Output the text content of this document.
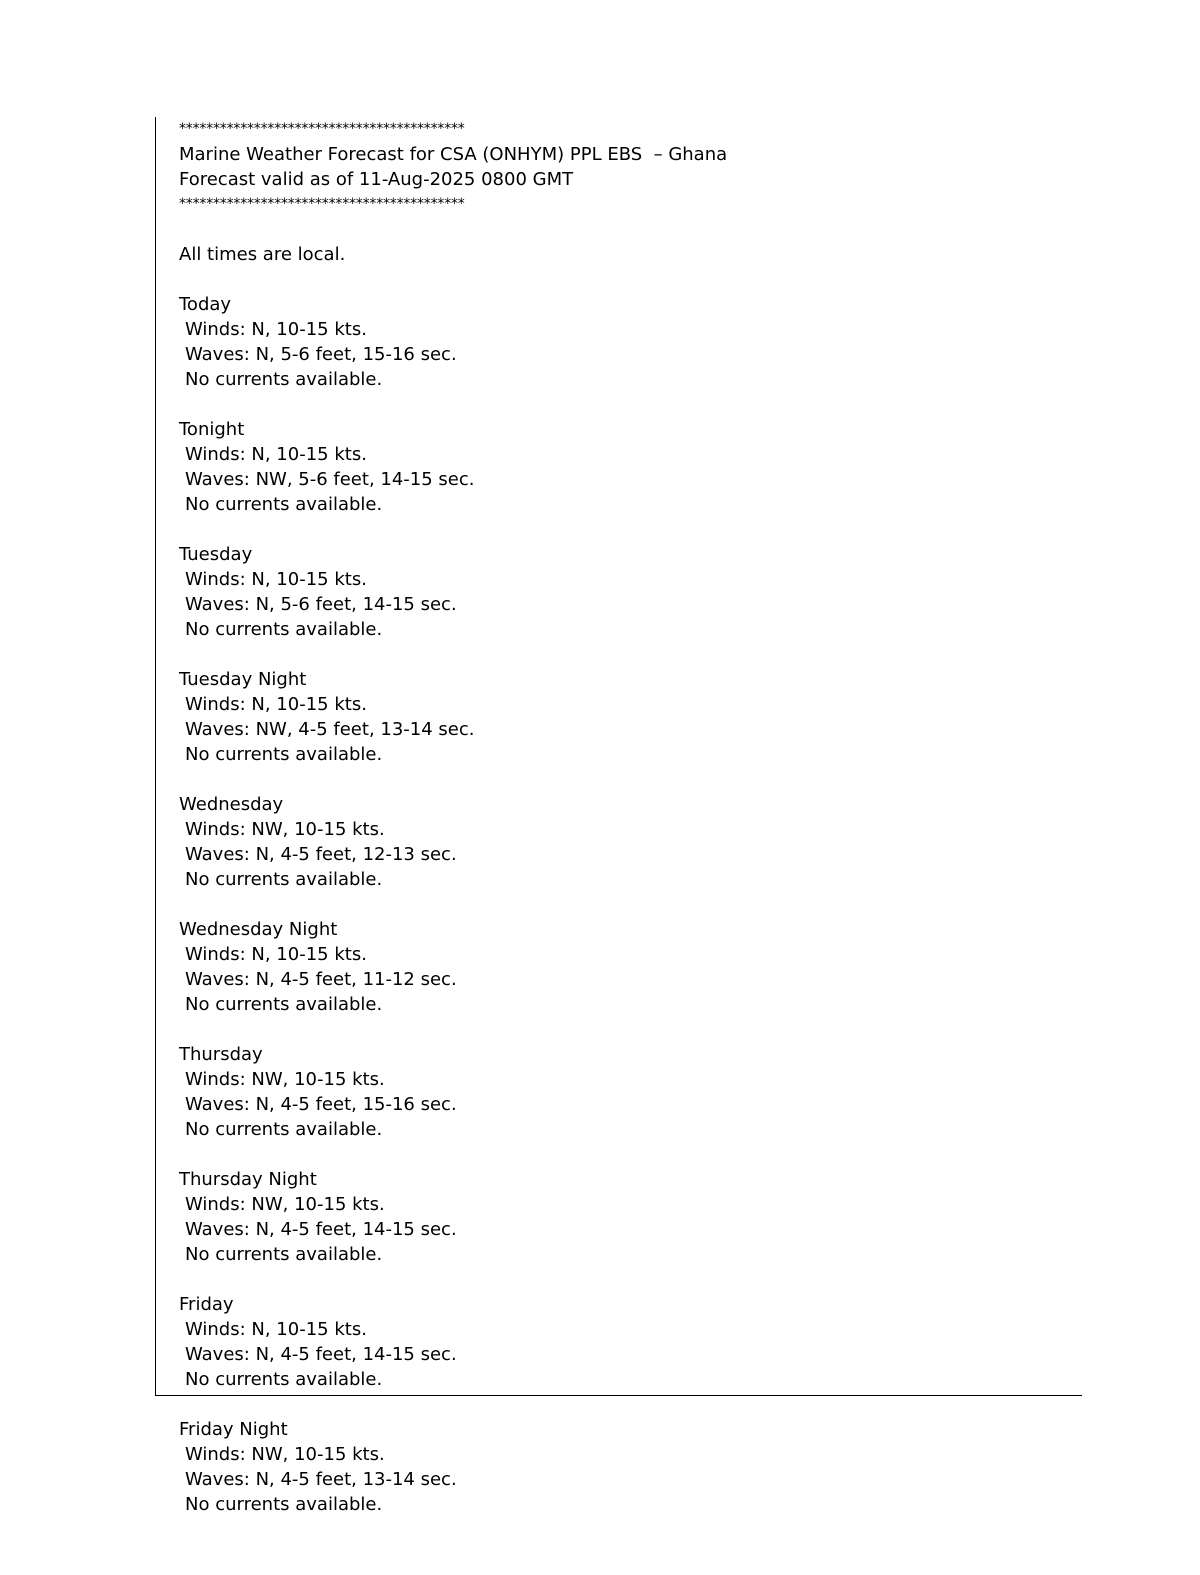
******************************************
Marine Weather Forecast for CSA (ONHYM) PPL EBS  – Ghana
Forecast valid as of 11-Aug-2025 0800 GMT
******************************************
All times are local.
Today
Winds: N, 10-15 kts.
Waves: N, 5-6 feet, 15-16 sec.
No currents available.
Tonight
Winds: N, 10-15 kts.
Waves: NW, 5-6 feet, 14-15 sec.
No currents available.
Tuesday
Winds: N, 10-15 kts.
Waves: N, 5-6 feet, 14-15 sec.
No currents available.
Tuesday Night
Winds: N, 10-15 kts.
Waves: NW, 4-5 feet, 13-14 sec.
No currents available.
Wednesday
Winds: NW, 10-15 kts.
Waves: N, 4-5 feet, 12-13 sec.
No currents available.
Wednesday Night
Winds: N, 10-15 kts.
Waves: N, 4-5 feet, 11-12 sec.
No currents available.
Thursday
Winds: NW, 10-15 kts.
Waves: N, 4-5 feet, 15-16 sec.
No currents available.
Thursday Night
Winds: NW, 10-15 kts.
Waves: N, 4-5 feet, 14-15 sec.
No currents available.
Friday
Winds: N, 10-15 kts.
Waves: N, 4-5 feet, 14-15 sec.
No currents available.
Friday Night
Winds: NW, 10-15 kts.
Waves: N, 4-5 feet, 13-14 sec.
No currents available.
